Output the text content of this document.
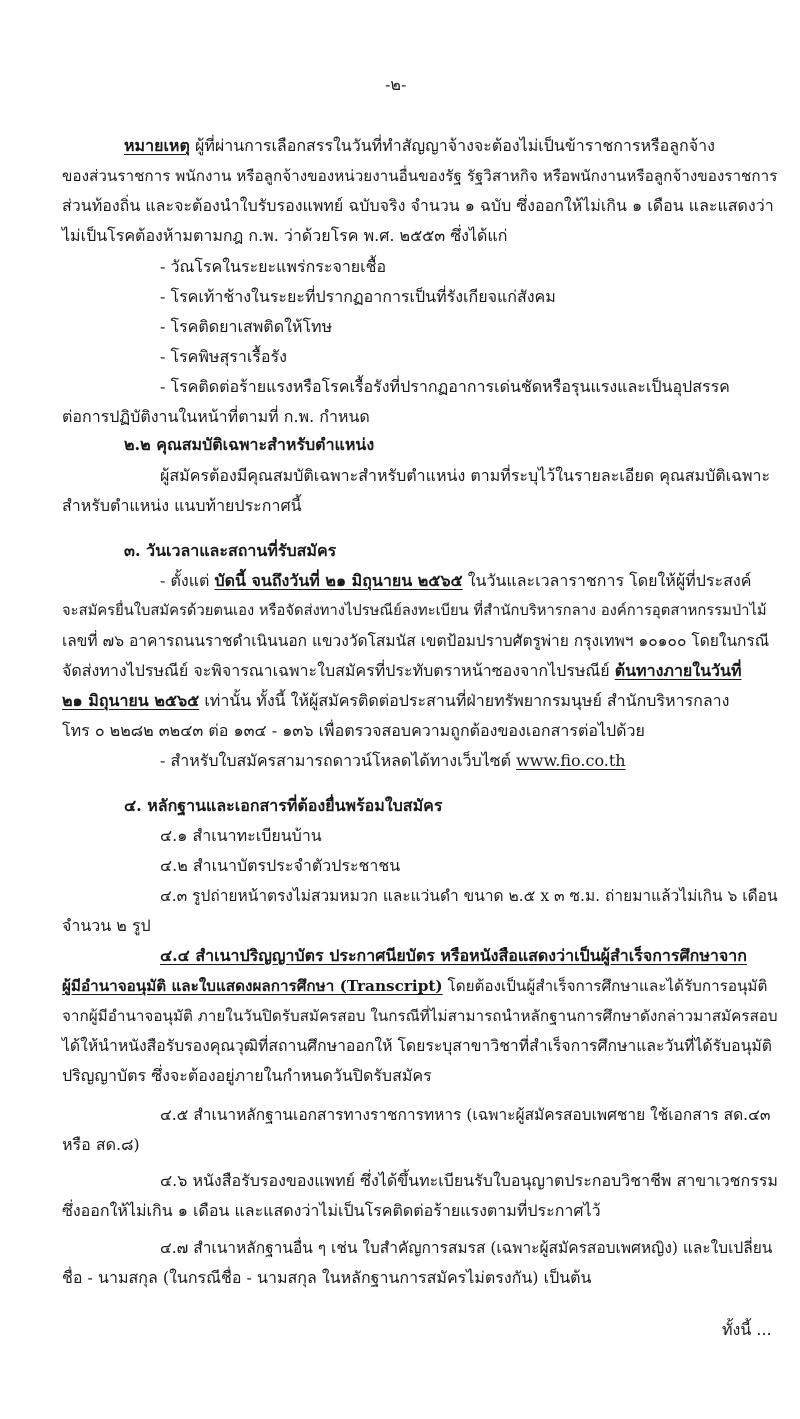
-๒-
หมายเหตุ ผู้ที่ผ่านการเลือกสรรในวันที่ทำสัญญาจ้างจะต้องไม่เป็นข้าราชการหรือลูกจ้าง
ของส่วนราชการ พนักงาน หรือลูกจ้างของหน่วยงานอื่นของรัฐ รัฐวิสาหกิจ หรือพนักงานหรือลูกจ้างของราชการ
ส่วนท้องถิ่น และจะต้องนำใบรับรองแพทย์ ฉบับจริง จำนวน ๑ ฉบับ ซึ่งออกให้ไม่เกิน ๑ เดือน และแสดงว่า
ไม่เป็นโรคต้องห้ามตามกฎ ก.พ. ว่าด้วยโรค พ.ศ. ๒๕๕๓ ซึ่งได้แก่
- วัณโรคในระยะแพร่กระจายเชื้อ
- โรคเท้าช้างในระยะที่ปรากฏอาการเป็นที่รังเกียจแก่สังคม
- โรคติดยาเสพติดให้โทษ
- โรคพิษสุราเรื้อรัง
- โรคติดต่อร้ายแรงหรือโรคเรื้อรังที่ปรากฏอาการเด่นชัดหรือรุนแรงและเป็นอุปสรรค
ต่อการปฏิบัติงานในหน้าที่ตามที่ ก.พ. กำหนด
๒.๒ คุณสมบัติเฉพาะสำหรับตำแหน่ง
ผู้สมัครต้องมีคุณสมบัติเฉพาะสำหรับตำแหน่ง ตามที่ระบุไว้ในรายละเอียด คุณสมบัติเฉพาะ
สำหรับตำแหน่ง แนบท้ายประกาศนี้
๓. วันเวลาและสถานที่รับสมัคร
- ตั้งแต่ บัดนี้ จนถึงวันที่ ๒๑ มิถุนายน ๒๕๖๕ ในวันและเวลาราชการ โดยให้ผู้ที่ประสงค์
จะสมัครยื่นใบสมัครด้วยตนเอง หรือจัดส่งทางไปรษณีย์ลงทะเบียน ที่สำนักบริหารกลาง องค์การอุตสาหกรรมป่าไม้
เลขที่ ๗๖ อาคารถนนราชดำเนินนอก แขวงวัดโสมนัส เขตป้อมปราบศัตรูพ่าย กรุงเทพฯ ๑๐๑๐๐ โดยในกรณี
จัดส่งทางไปรษณีย์ จะพิจารณาเฉพาะใบสมัครที่ประทับตราหน้าซองจากไปรษณีย์ ต้นทางภายในวันที่
๒๑ มิถุนายน ๒๕๖๕ เท่านั้น ทั้งนี้ ให้ผู้สมัครติดต่อประสานที่ฝ่ายทรัพยากรมนุษย์ สำนักบริหารกลาง
โทร ๐ ๒๒๘๒ ๓๒๔๓ ต่อ ๑๓๔ - ๑๓๖ เพื่อตรวจสอบความถูกต้องของเอกสารต่อไปด้วย
- สำหรับใบสมัครสามารถดาวน์โหลดได้ทางเว็บไซต์ www.fio.co.th
๔. หลักฐานและเอกสารที่ต้องยื่นพร้อมใบสมัคร
๔.๑ สำเนาทะเบียนบ้าน
๔.๒ สำเนาบัตรประจำตัวประชาชน
๔.๓ รูปถ่ายหน้าตรงไม่สวมหมวก และแว่นดำ ขนาด ๒.๕ x ๓ ซ.ม. ถ่ายมาแล้วไม่เกิน ๖ เดือน
จำนวน ๒ รูป
๔.๔ สำเนาปริญญาบัตร ประกาศนียบัตร หรือหนังสือแสดงว่าเป็นผู้สำเร็จการศึกษาจาก
ผู้มีอำนาจอนุมัติ และใบแสดงผลการศึกษา (Transcript) โดยต้องเป็นผู้สำเร็จการศึกษาและได้รับการอนุมัติ
จากผู้มีอำนาจอนุมัติ ภายในวันปิดรับสมัครสอบ ในกรณีที่ไม่สามารถนำหลักฐานการศึกษาดังกล่าวมาสมัครสอบ
ได้ให้นำหนังสือรับรองคุณวุฒิที่สถานศึกษาออกให้ โดยระบุสาขาวิชาที่สำเร็จการศึกษาและวันที่ได้รับอนุมัติ
ปริญญาบัตร ซึ่งจะต้องอยู่ภายในกำหนดวันปิดรับสมัคร
๔.๕ สำเนาหลักฐานเอกสารทางราชการทหาร (เฉพาะผู้สมัครสอบเพศชาย ใช้เอกสาร สด.๔๓
หรือ สด.๘)
๔.๖ หนังสือรับรองของแพทย์ ซึ่งได้ขึ้นทะเบียนรับใบอนุญาตประกอบวิชาชีพ สาขาเวชกรรม
ซึ่งออกให้ไม่เกิน ๑ เดือน และแสดงว่าไม่เป็นโรคติดต่อร้ายแรงตามที่ประกาศไว้
๔.๗ สำเนาหลักฐานอื่น ๆ เช่น ใบสำคัญการสมรส (เฉพาะผู้สมัครสอบเพศหญิง) และใบเปลี่ยน
ชื่อ - นามสกุล (ในกรณีชื่อ - นามสกุล ในหลักฐานการสมัครไม่ตรงกัน) เป็นต้น
ทั้งนี้ ...
